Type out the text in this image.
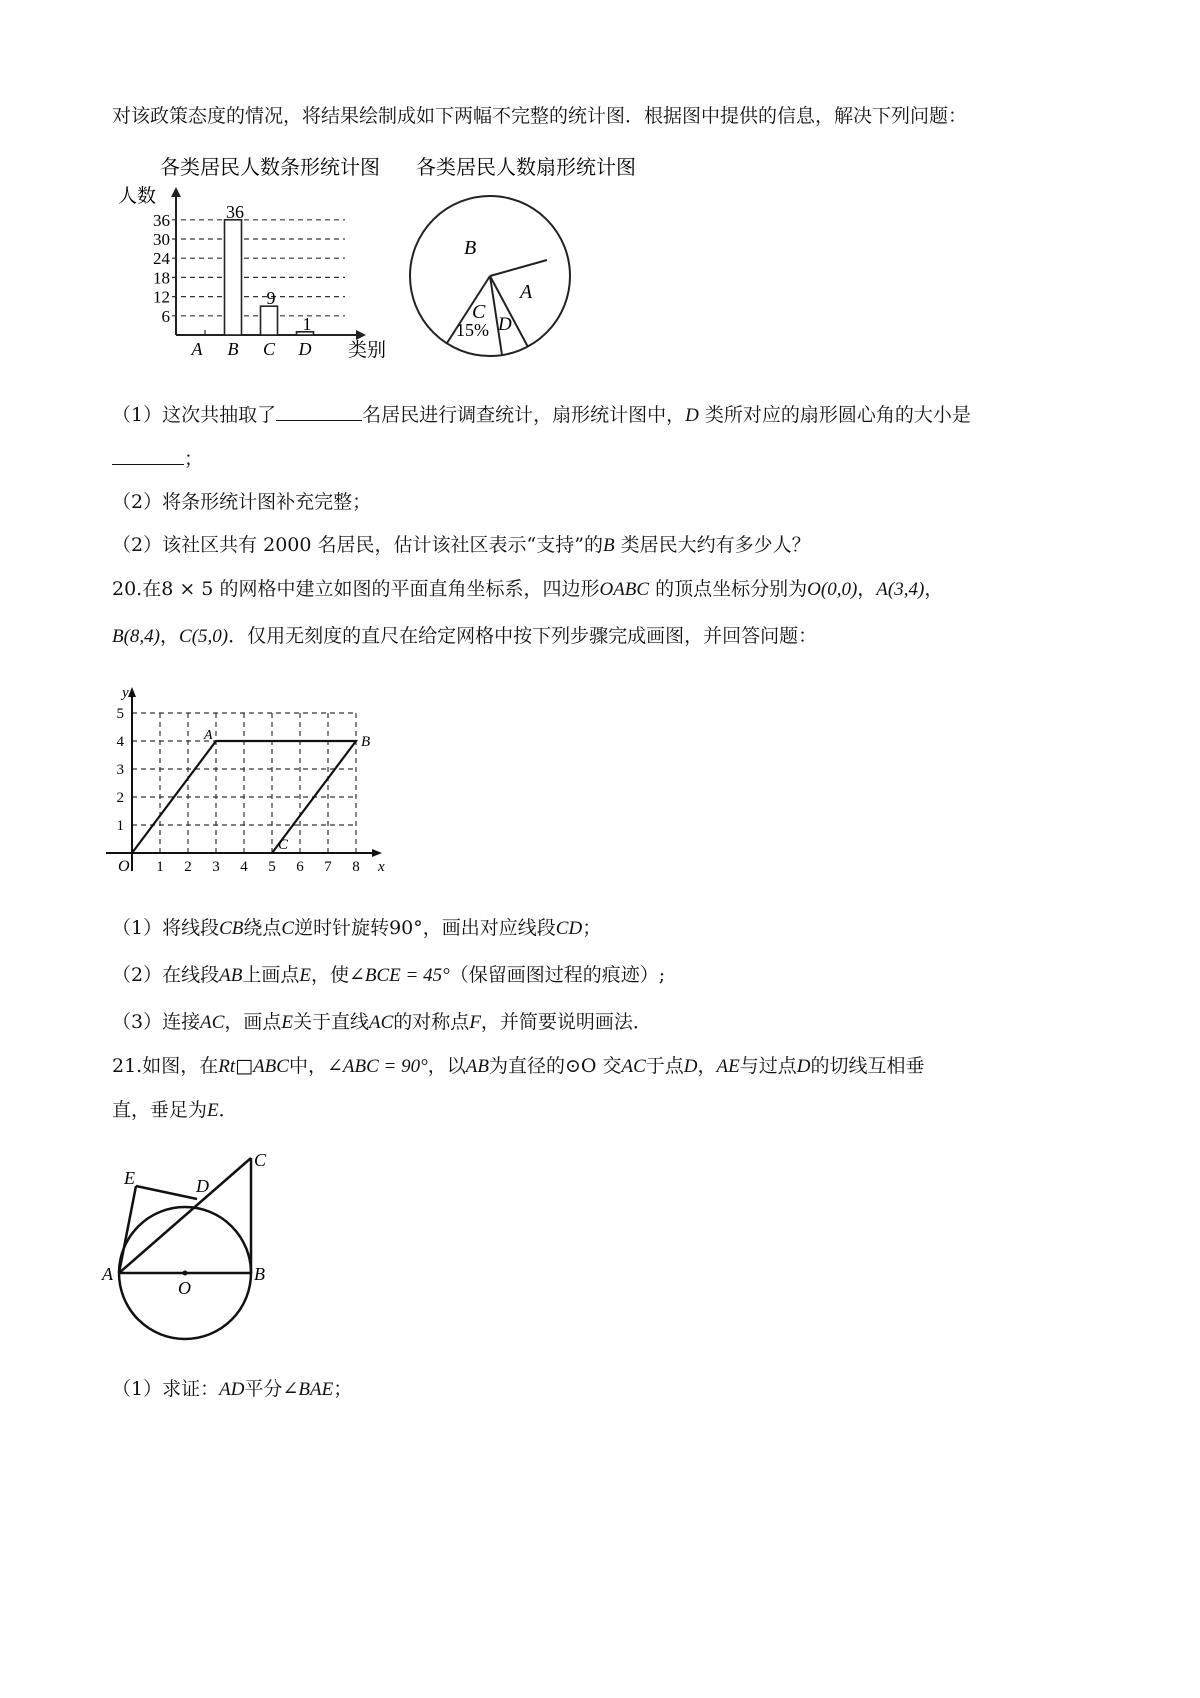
对该政策态度的情况，将结果绘制成如下两幅不完整的统计图．根据图中提供的信息，解决下列问题：
各类居民人数条形统计图
人数
类别
6
12
18
24
30
36
A B
36
C
9
D
1
各类居民人数扇形统计图
B
A
C
D
15%
（1）这次共抽取了	名居民进行调查统计，扇形统计图中，D 类所对应的扇形圆心角的大小是
；
（2）将条形统计图补充完整；
（2）该社区共有 2000 名居民，估计该社区表示“支持”的B 类居民大约有多少人？
20.在8 × 5 的网格中建立如图的平面直角坐标系，四边形OABC 的顶点坐标分别为O(0,0)，A(3,4)，
B(8,4)，C(5,0)．仅用无刻度的直尺在给定网格中按下列步骤完成画图，并回答问题：
1 2 3 4 5 6 7 8
1
2
3
4
5
x
y
O
A	B
C
（1）将线段CB绕点C逆时针旋转90°，画出对应线段CD；
（2）在线段AB上画点E，使∠BCE = 45°（保留画图过程的痕迹）;
（3）连接AC，画点E关于直线AC的对称点F，并简要说明画法．
21.如图，在Rt□ABC中，∠ABC = 90°，以AB为直径的⊙O 交AC于点D，AE与过点D的切线互相垂
直，垂足为E．
E	D
C
A
O
B
（1）求证：AD平分∠BAE；
